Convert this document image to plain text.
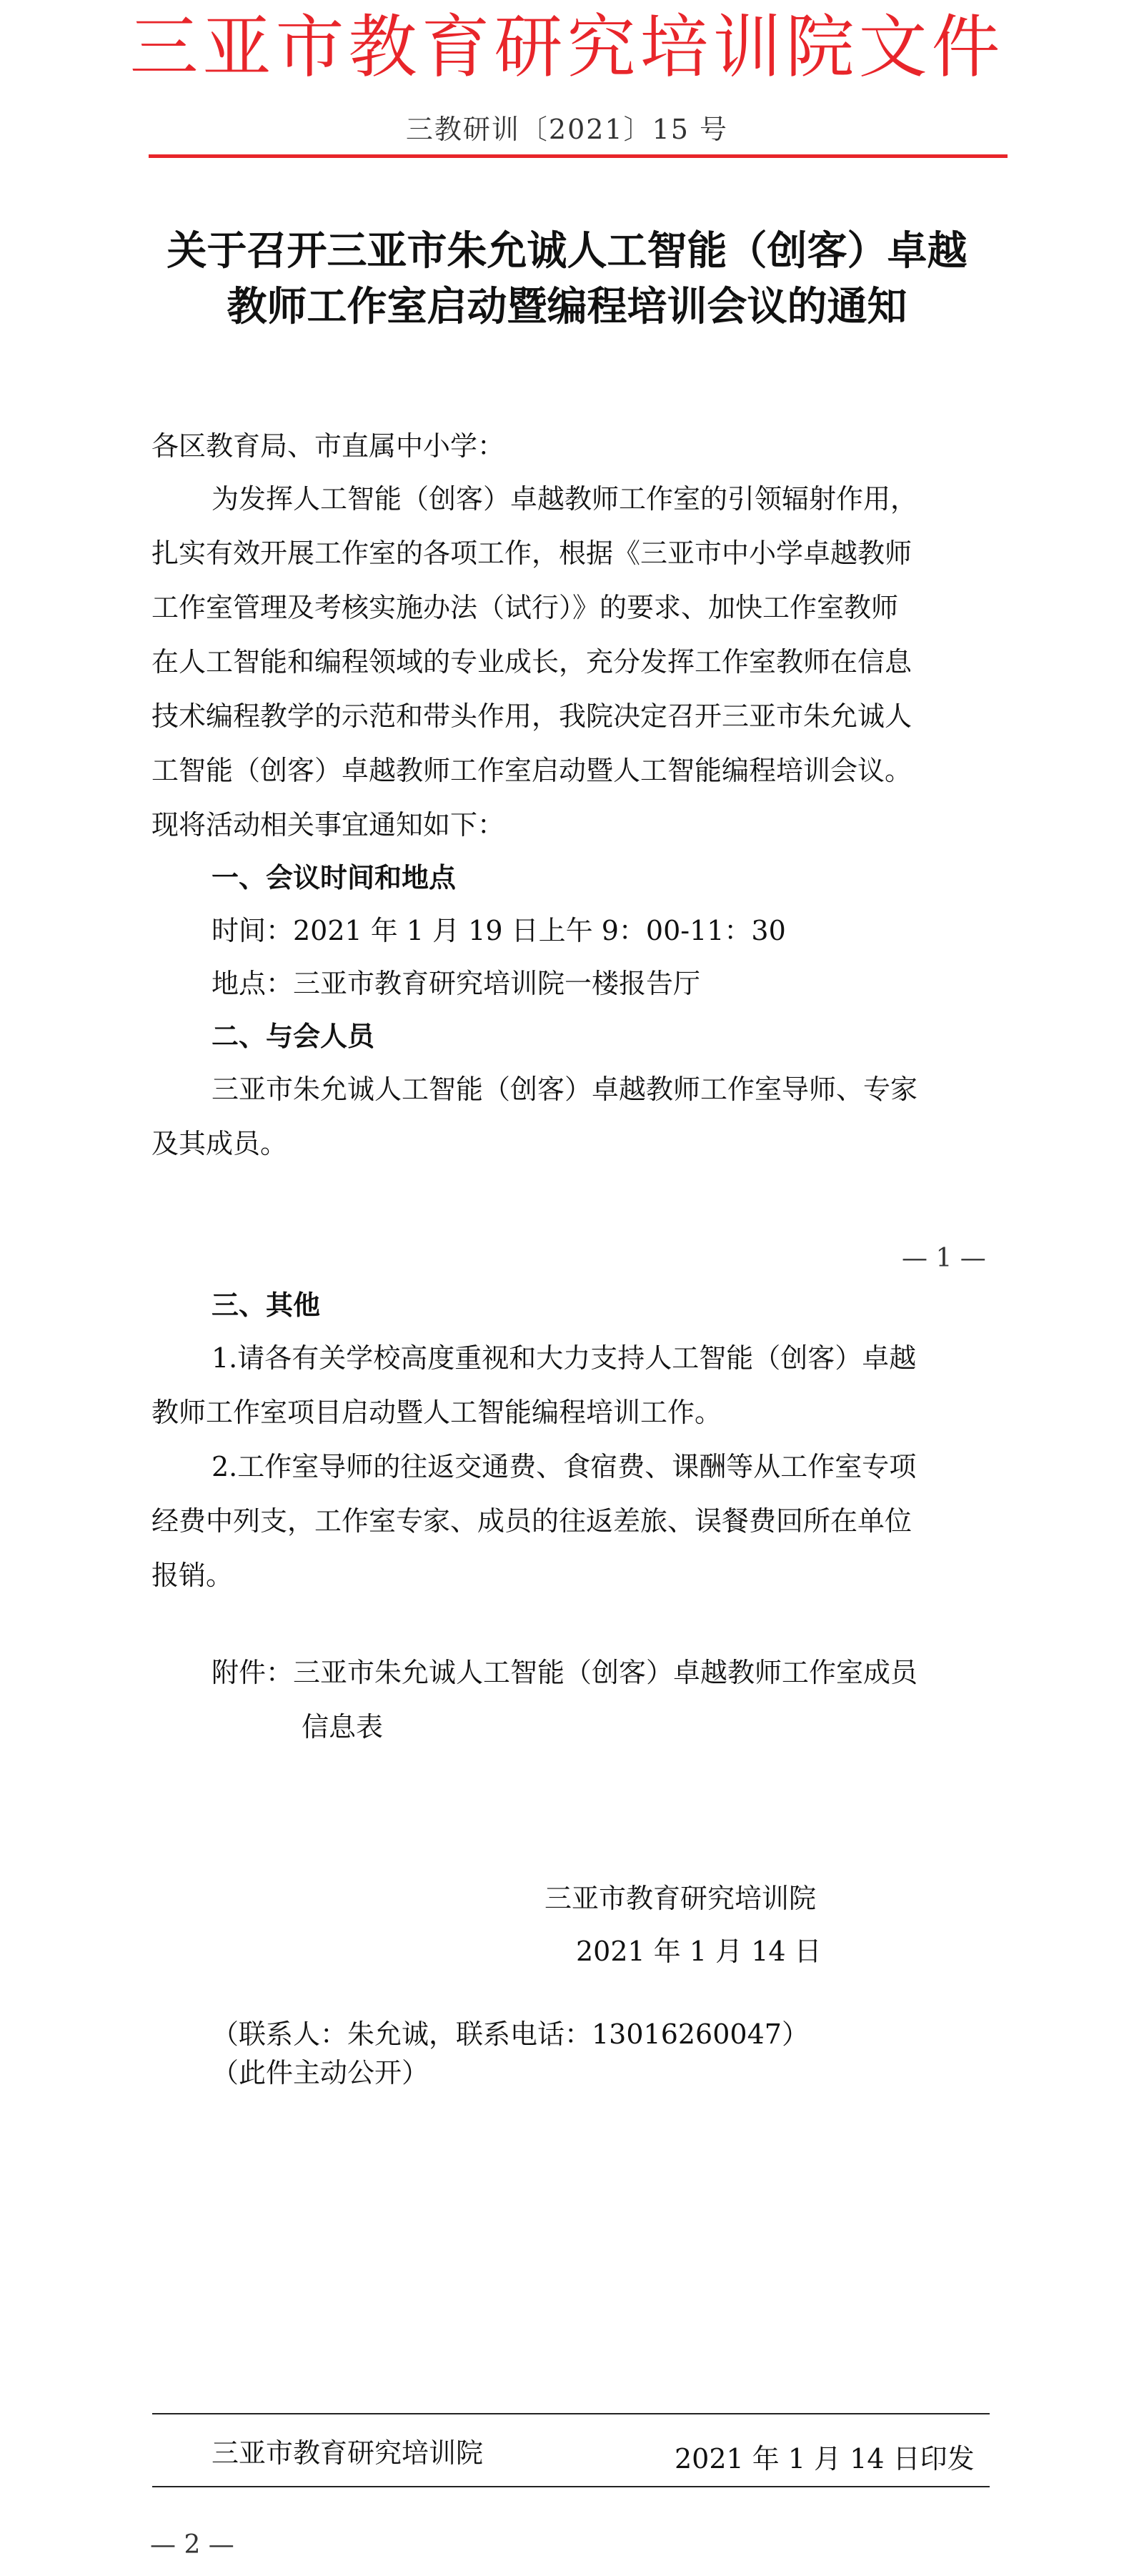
三亚市教育研究培训院文件
三教研训〔2021〕15 号
关于召开三亚市朱允诚人工智能（创客）卓越
教师工作室启动暨编程培训会议的通知
各区教育局、市直属中小学：
为发挥人工智能（创客）卓越教师工作室的引领辐射作用，
扎实有效开展工作室的各项工作，根据《三亚市中小学卓越教师
工作室管理及考核实施办法（试行）》的要求、加快工作室教师
在人工智能和编程领域的专业成长，充分发挥工作室教师在信息
技术编程教学的示范和带头作用，我院决定召开三亚市朱允诚人
工智能（创客）卓越教师工作室启动暨人工智能编程培训会议。
现将活动相关事宜通知如下：
一、会议时间和地点
时间：2021 年 1 月 19 日上午 9：00-11：30
地点：三亚市教育研究培训院一楼报告厅
二、与会人员
三亚市朱允诚人工智能（创客）卓越教师工作室导师、专家
及其成员。
— 1 —
三、其他
1.请各有关学校高度重视和大力支持人工智能（创客）卓越
教师工作室项目启动暨人工智能编程培训工作。
2.工作室导师的往返交通费、食宿费、课酬等从工作室专项
经费中列支，工作室专家、成员的往返差旅、误餐费回所在单位
报销。
附件：三亚市朱允诚人工智能（创客）卓越教师工作室成员
信息表
三亚市教育研究培训院
2021 年 1 月 14 日
（联系人：朱允诚，联系电话：13016260047）
（此件主动公开）
三亚市教育研究培训院	2021 年 1 月 14 日印发
— 2 —
